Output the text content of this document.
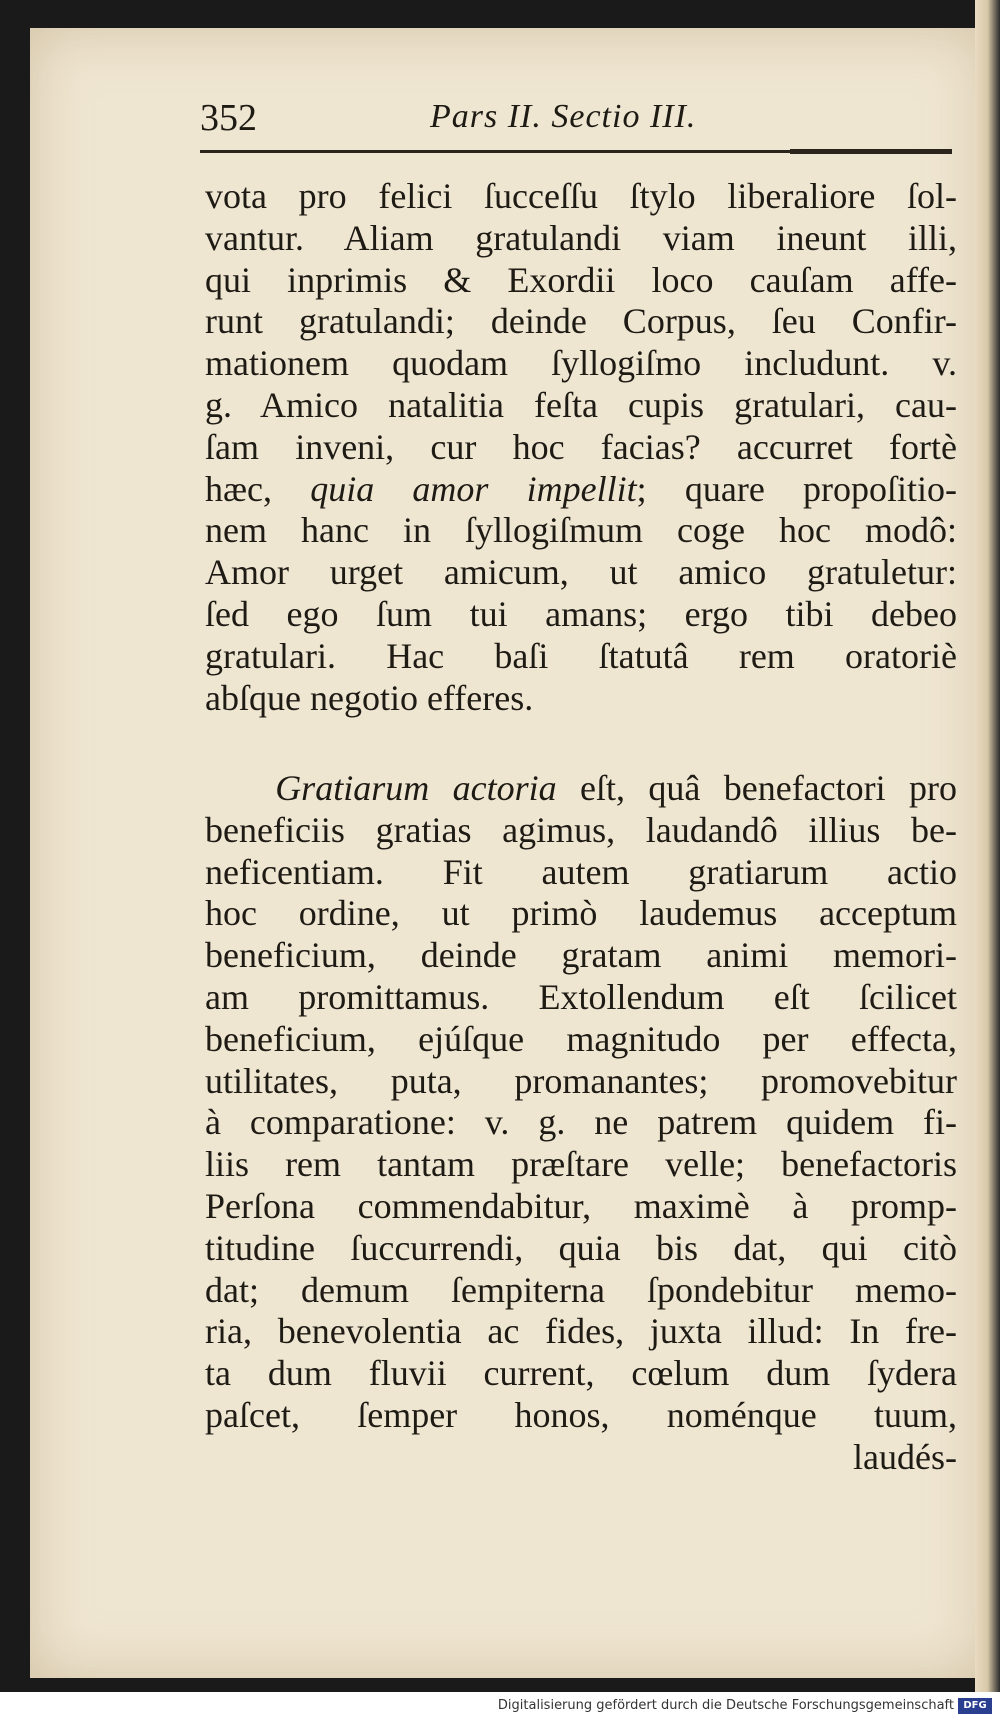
352	Pars II. Sectio III.
vota pro felici ſucceſſu ſtylo liberaliore ſol-
vantur. Aliam gratulandi viam ineunt illi,
qui inprimis & Exordii loco cauſam affe-
runt gratulandi; deinde Corpus, ſeu Confir-
mationem quodam ſyllogiſmo includunt. v.
g. Amico natalitia feſta cupis gratulari, cau-
ſam inveni, cur hoc facias? accurret fortè
hæc, quia amor impellit; quare propoſitio-
nem hanc in ſyllogiſmum coge hoc modô:
Amor urget amicum, ut amico gratuletur:
ſed ego ſum tui amans; ergo tibi debeo
gratulari. Hac baſi ſtatutâ rem oratoriè
abſque negotio efferes.
Gratiarum actoria eſt, quâ benefactori pro
beneficiis gratias agimus, laudandô illius be-
neficentiam. Fit autem gratiarum actio
hoc ordine, ut primò laudemus acceptum
beneficium, deinde gratam animi memori-
am promittamus. Extollendum eſt ſcilicet
beneficium, ejúſque magnitudo per effecta,
utilitates, puta, promanantes; promovebitur
à comparatione: v. g. ne patrem quidem fi-
liis rem tantam præſtare velle; benefactoris
Perſona commendabitur, maximè à promp-
titudine ſuccurrendi, quia bis dat, qui citò
dat; demum ſempiterna ſpondebitur memo-
ria, benevolentia ac fides, juxta illud: In fre-
ta dum fluvii current, cœlum dum ſydera
paſcet, ſemper honos, noménque tuum,
laudés-
Digitalisierung gefördert durch die Deutsche Forschungsgemeinschaft DFG
